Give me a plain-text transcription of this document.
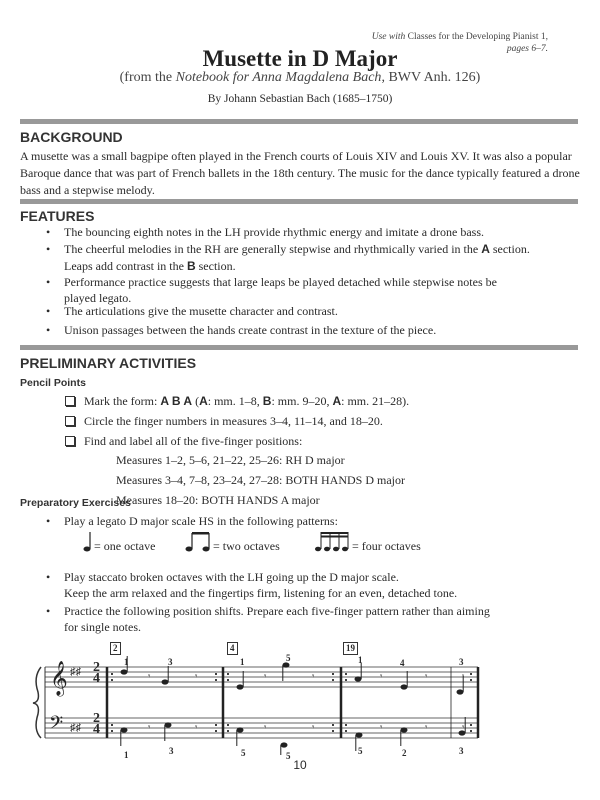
Use with Classes for the Developing Pianist 1,
pages 6–7.
Musette in D Major
(from the Notebook for Anna Magdalena Bach, BWV Anh. 126)
By Johann Sebastian Bach (1685–1750)
BACKGROUND
A musette was a small bagpipe often played in the French courts of Louis XIV and Louis XV. It was also a popular Baroque dance that was part of French ballets in the 18th century. The music for the dance typically featured a drone bass and a stepwise melody.
FEATURES
• The bouncing eighth notes in the LH provide rhythmic energy and imitate a drone bass.
• The cheerful melodies in the RH are generally stepwise and rhythmically varied in the A section.
Leaps add contrast in the B section.
• Performance practice suggests that large leaps be played detached while stepwise notes be
played legato.
• The articulations give the musette character and contrast.
• Unison passages between the hands create contrast in the texture of the piece.
PRELIMINARY ACTIVITIES
Pencil Points
Mark the form: A B A (A: mm. 1–8, B: mm. 9–20, A: mm. 21–28).
Circle the finger numbers in measures 3–4, 11–14, and 18–20.
Find and label all of the five-finger positions:
Measures 1–2, 5–6, 21–22, 25–26: RH D major
Measures 3–4, 7–8, 23–24, 27–28: BOTH HANDS D major
Measures 18–20: BOTH HANDS A major
Preparatory Exercises
• Play a legato D major scale HS in the following patterns:
= one octave	= two octaves	= four octaves
• Play staccato broken octaves with the LH going up the D major scale.
Keep the arm relaxed and the fingertips firm, listening for an even, detached tone.
• Practice the following position shifts. Prepare each five-finger pattern rather than aiming
for single notes.
𝄞
𝄢
♯♯
♯♯
𝄾
𝄾
𝄾
𝄾
𝄾
𝄾
𝄾
𝄾
𝄾
𝄾
𝄾
𝄾
𝄾
𝄾
2	4	19
1	3	1	5	1	4	3
1	3	5	5	5	2	3
2
4
2
4
10
